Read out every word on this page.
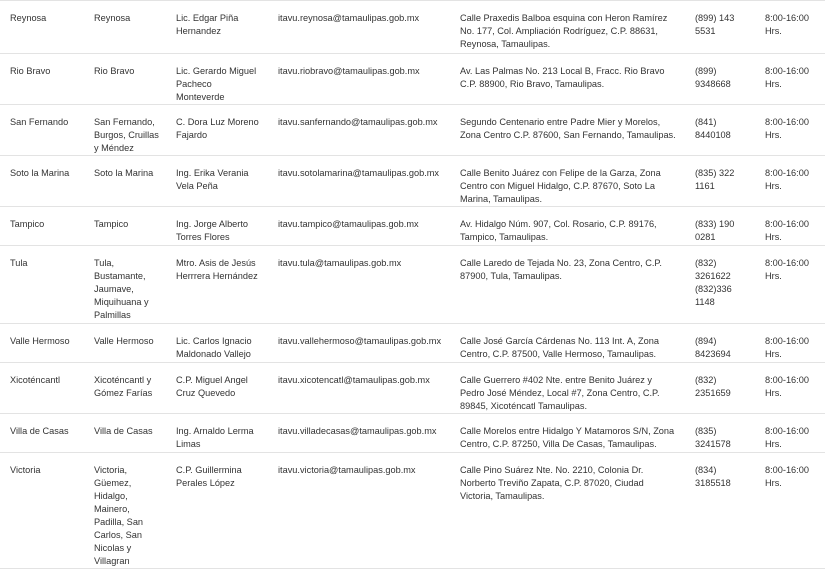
Reynosa	Reynosa	Lic. Edgar Piña Hernandez	itavu.reynosa@tamaulipas.gob.mx	Calle Praxedis Balboa esquina con Heron Ramírez No. 177, Col. Ampliación Rodríguez, C.P. 88631, Reynosa, Tamaulipas.	(899) 143 5531	8:00-16:00 Hrs.
Rio Bravo	Rio Bravo	Lic. Gerardo Miguel Pacheco Monteverde	itavu.riobravo@tamaulipas.gob.mx	Av. Las Palmas No. 213 Local B, Fracc. Rio Bravo C.P. 88900, Rio Bravo, Tamaulipas.	(899) 9348668	8:00-16:00 Hrs.
San Fernando	San Fernando, Burgos, Cruillas y Méndez	C. Dora Luz Moreno Fajardo	itavu.sanfernando@tamaulipas.gob.mx	Segundo Centenario entre Padre Mier y Morelos, Zona Centro C.P. 87600, San Fernando, Tamaulipas.	(841) 8440108	8:00-16:00 Hrs.
Soto la Marina	Soto la Marina	Ing. Erika Verania Vela Peña	itavu.sotolamarina@tamaulipas.gob.mx	Calle Benito Juárez con Felipe de la Garza, Zona Centro con Miguel Hidalgo, C.P. 87670, Soto La Marina, Tamaulipas.	(835) 322 1161	8:00-16:00 Hrs.
Tampico	Tampico	Ing. Jorge Alberto Torres Flores	itavu.tampico@tamaulipas.gob.mx	Av. Hidalgo Núm. 907, Col. Rosario, C.P. 89176, Tampico, Tamaulipas.	(833) 190 0281	8:00-16:00 Hrs.
Tula	Tula, Bustamante, Jaumave, Miquihuana y Palmillas	Mtro. Asis de Jesús Herrrera Hernández	itavu.tula@tamaulipas.gob.mx	Calle Laredo de Tejada No. 23, Zona Centro, C.P. 87900, Tula, Tamaulipas.	(832) 3261622 (832)336 1148	8:00-16:00 Hrs.
Valle Hermoso	Valle Hermoso	Lic. Carlos Ignacio Maldonado Vallejo	itavu.vallehermoso@tamaulipas.gob.mx	Calle José García Cárdenas No. 113 Int. A, Zona Centro, C.P. 87500, Valle Hermoso, Tamaulipas.	(894) 8423694	8:00-16:00 Hrs.
Xicoténcantl	Xicoténcantl y Gómez Farías	C.P. Miguel Angel Cruz Quevedo	itavu.xicotencatl@tamaulipas.gob.mx	Calle Guerrero #402 Nte. entre Benito Juárez y Pedro José Méndez, Local #7, Zona Centro, C.P. 89845, Xicoténcatl Tamaulipas.	(832) 2351659	8:00-16:00 Hrs.
Villa de Casas	Villa de Casas	Ing. Arnaldo Lerma Limas	itavu.villadecasas@tamaulipas.gob.mx	Calle Morelos entre Hidalgo Y Matamoros S/N, Zona Centro, C.P. 87250, Villa De Casas, Tamaulipas.	(835) 3241578	8:00-16:00 Hrs.
Victoria	Victoria, Güemez, Hidalgo, Mainero, Padilla, San Carlos, San Nicolas y Villagran	C.P. Guillermina Perales López	itavu.victoria@tamaulipas.gob.mx	Calle Pino Suárez Nte. No. 2210, Colonia Dr. Norberto Treviño Zapata, C.P. 87020, Ciudad Victoria, Tamaulipas.	(834) 3185518	8:00-16:00 Hrs.
